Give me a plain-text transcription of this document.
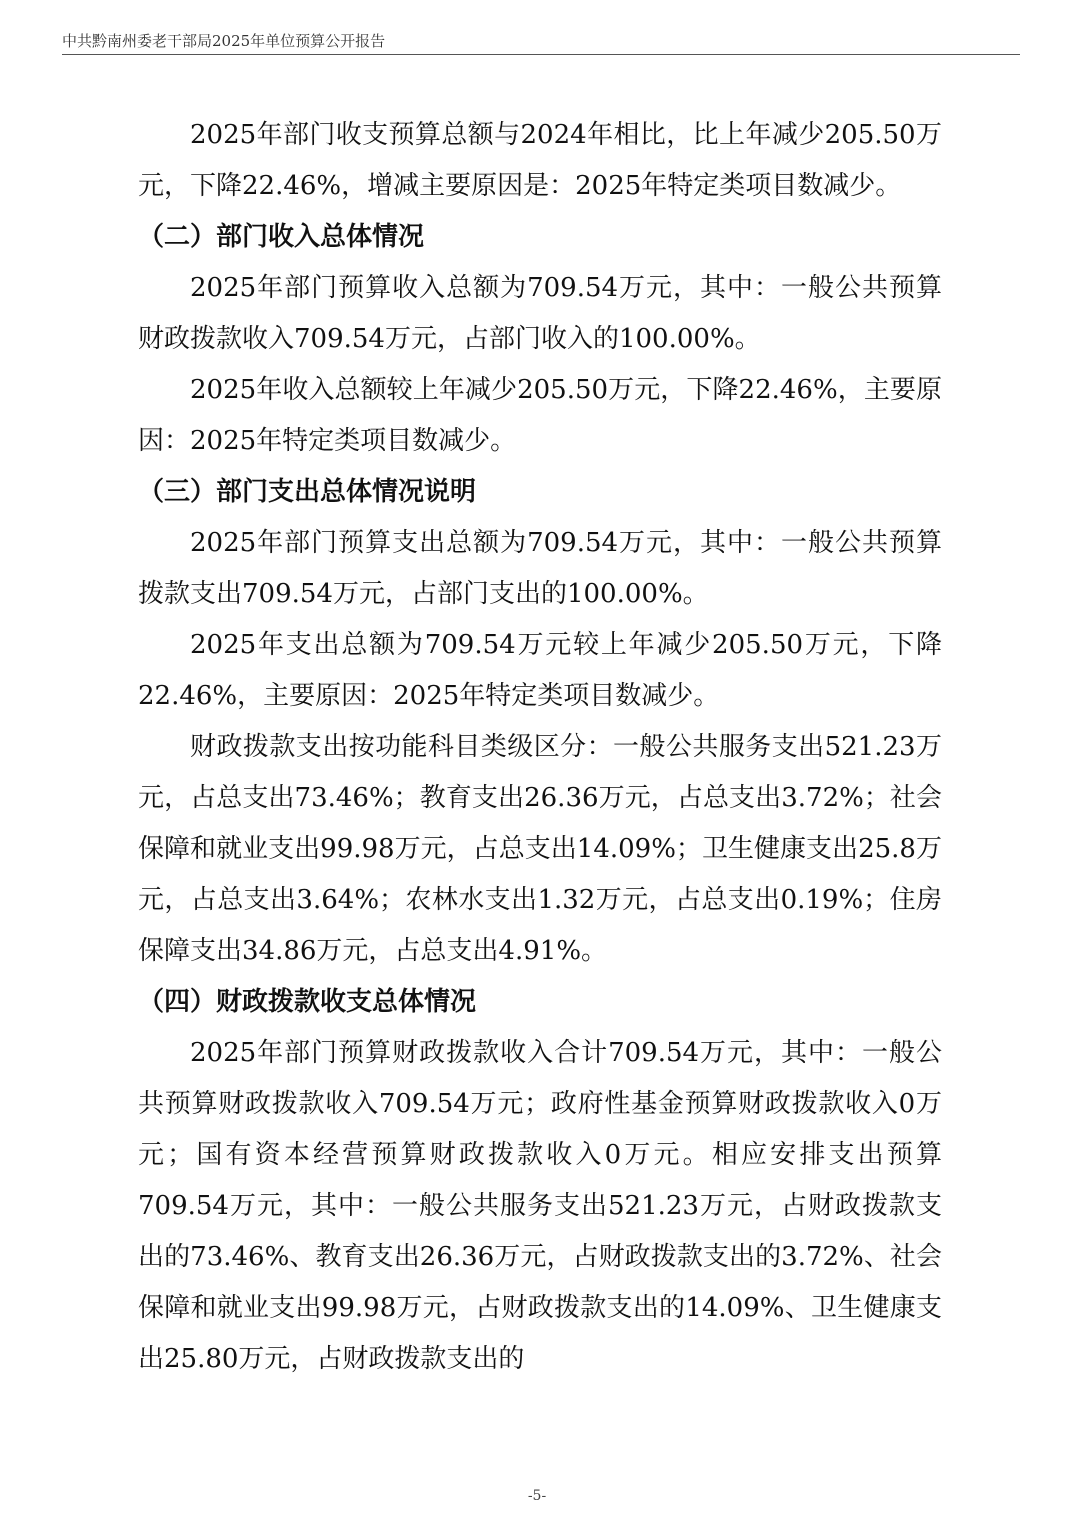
中共黔南州委老干部局2025年单位预算公开报告

2025年部门收支预算总额与2024年相比，比上年减少205.50万元，下降22.46%，增减主要原因是：2025年特定类项目数减少。

（二）部门收入总体情况

2025年部门预算收入总额为709.54万元，其中：一般公共预算财政拨款收入709.54万元，占部门收入的100.00%。

2025年收入总额较上年减少205.50万元，下降22.46%，主要原因：2025年特定类项目数减少。

（三）部门支出总体情况说明

2025年部门预算支出总额为709.54万元，其中：一般公共预算拨款支出709.54万元，占部门支出的100.00%。

2025年支出总额为709.54万元较上年减少205.50万元，下降22.46%，主要原因：2025年特定类项目数减少。

财政拨款支出按功能科目类级区分：一般公共服务支出521.23万元，占总支出73.46%；教育支出26.36万元，占总支出3.72%；社会保障和就业支出99.98万元，占总支出14.09%；卫生健康支出25.8万元，占总支出3.64%；农林水支出1.32万元，占总支出0.19%；住房保障支出34.86万元，占总支出4.91%。

（四）财政拨款收支总体情况

2025年部门预算财政拨款收入合计709.54万元，其中：一般公共预算财政拨款收入709.54万元；政府性基金预算财政拨款收入0万元；国有资本经营预算财政拨款收入0万元。相应安排支出预算709.54万元，其中：一般公共服务支出521.23万元，占财政拨款支出的73.46%、教育支出26.36万元，占财政拨款支出的3.72%、社会保障和就业支出99.98万元，占财政拨款支出的14.09%、卫生健康支出25.80万元，占财政拨款支出的

-5-
